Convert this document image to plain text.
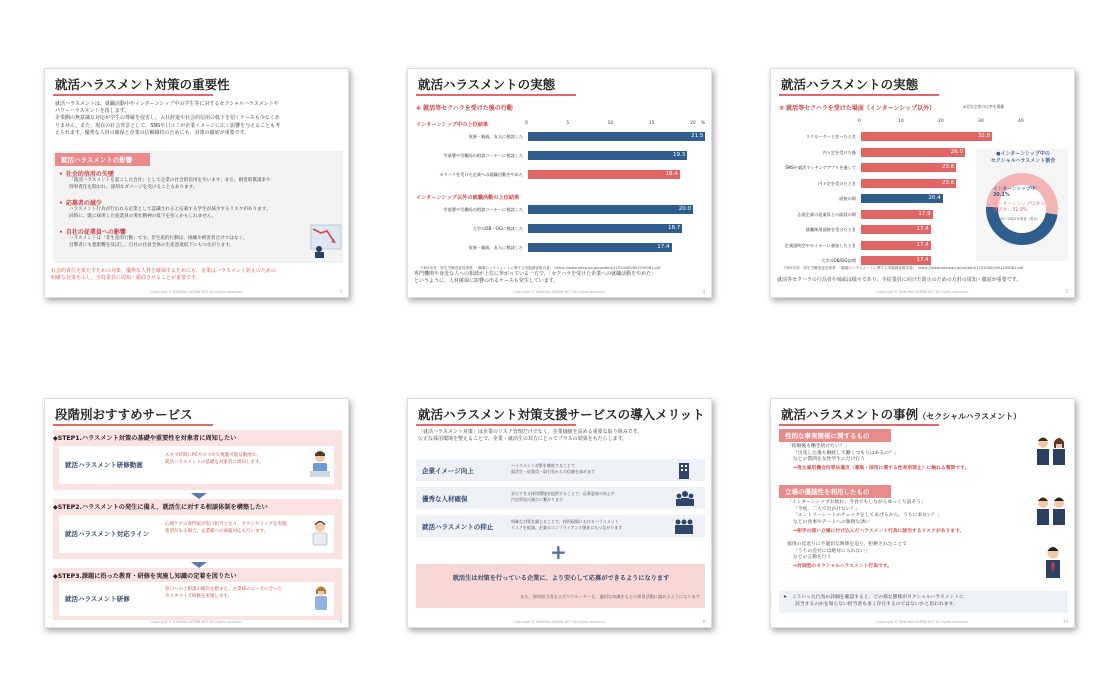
就活ハラスメント対策の重要性
就活ハラスメントは、就職活動中やインターンシップ中の学生等に対するセクシャルハラスメントや
パワーハラスメントを指します。
企業側の無意識な対応が学生の尊厳を侵害し、入社辞退や社会的信用の低下を招くケースも少なくあ
りません。また、現在の社会背景として、SNSや口コミが企業イメージに広く影響を与えることも考
えられます。優秀な人材の確保と企業の信頼維持のためにも、対策の徹底が重要です。
就活ハラスメントの影響
• 社会的信用の失墜
「就活ハラスメントを起こした会社」として企業の社会的信用を失います。また、損害賠償請求や
刑事責任を問われ、深刻なダメージを受けることもあります。
• 応募者の減少
ハラスメント行為が行われる企業として認識されると応募する学生が減少するリスクがあります。
同時に、既に採用した従業員の愛社精神の低下を招くかもしれません。
• 自社の従業員への影響
ハラスメントは「非生産的行動」です。非生産的行動は、組織や被害者だけではなく、
目撃者にも悪影響を及ぼし、自社の社員全体の生産意欲低下にもつながります。
社会的責任を果たすための対策、優秀な人材を確保するためにも、企業はハラスメント防止のための
明確な対策を示し、全従業員に周知・徹底させることが重要です。
Copyright © RAKUNA-ADMIN NET All rights reserved.	3
就活ハラスメントの実態
④ 就活等セクハラを受けた後の行動
0	5	10	15	20 %
インターンシップ中の上位結果
インターンシップ以外の就職活動の上位結果
家族・親戚、友人に相談した	21.5
労基署や労働局の相談コーナーに相談した	19.3
セクハラを受けた企業への就職活動をやめた	18.4
労基署や労働局の相談コーナーに相談した	20.0
大学のOB・OGに相談した	18.7
家族・親戚、友人に相談した	17.4
令和5年度　厚生労働省委託事業　「職場のハラスメントに関する実態調査報告書」　https://www.mhlw.go.jp/content/11910000/001259081.pdf
専門機関や身近な人への相談が上位に挙がっている一方で、「セクハラを受けた企業への就職活動をやめた」
というように、人材確保に影響の出るケースも発生しています。
Copyright © RAKUNA-ADMIN NET All rights reserved.	4
就活ハラスメントの実態
③ 就活等セクハラを受けた場面（インターンシップ以外）	※男女全体の比率を掲載
0	10	20	30	40
リクルーターと会ったとき	32.8
内々定を受けた後	26.0
SNSや就活マッチングアプリを通して	23.8
内々定を受けたとき	23.8
面接の場	20.4
志望企業の従業員との面談の場	17.9
就職採用面接を受けたとき	17.4
企業説明会やセミナーに参加したとき	17.4
大学のOB/OG訪問	17.4
●インターンシップ中の
セクシャルハラスメント割合
インターンシップ中：
30.1%
インターンシップ以外の
就活中：31.9%
※2020〜2022卒業者（男女）
令和5年度　厚生労働省委託事業　「職場のハラスメントに関する実態調査報告書」　https://www.mhlw.go.jp/content/11910000/001259081.pdf
就活等セクハラの行為者や場面は様々であり、全従業員に向けた防止のための方針の周知・徹底が重要です。
Copyright © RAKUNA-ADMIN NET All rights reserved.	5
段階別おすすめサービス
◆STEP1.ハラスメント対策の基礎や重要性を対象者に周知したい
就活ハラスメント研修動画
スキマ時間にPCやスマホで視聴可能な動画で、
就活ハラスメントの基礎を対象者に周知します。
◆STEP2.ハラスメントの発生に備え、就活生に対する相談体制を構築したい
就活ハラスメント対応ライン
心理ケアの専門家が窓口担当となり、カウンセリングを実施。
希望がある場合、企業様への通報対応も行います。
◆STEP3.課題に沿った教育・研修を実施し知識の定着を図りたい
就活ハラスメント研修
窓口へのご相談の傾向を踏まえ、企業様のニーズに合った
カスタマイズ研修を実施します。
Copyright © RAKUNA-ADMIN NET All rights reserved.	6
就活ハラスメント対策支援サービスの導入メリット
「就活ハラスメント対策」は企業のリスク管理だけでなく、企業価値を高める重要な取り組みです。
公正な採用環境を整えることで、企業・就活生の双方にとってプラスの効果をもたらします。
企業イメージ向上
ハラスメント対策を徹底することで
就活生・従業員・取引先からの信頼を高めます
優秀な人材確保
安心できる採用環境を提供することで、応募意欲の向上や
内定辞退の減少に繋がります
就活ハラスメントの抑止
明確な対策を講じることで、採用現場におけるハラスメント
リスクを低減、企業のコンプライアンス強化にもつながります
+
就活生は対策を行っている企業に、より安心して応募ができるようになります
また、採用担当者およびリクルーターも、適切な知識をもとに採用活動に臨めるようになります
Copyright © RAKUNA-ADMIN NET All rights reserved.	8
就活ハラスメントの事例（セクシャルハラスメント）
性的な事実関係に関するもの
「結婚後も働き続けたい？」
「出産した後も継続して働くつもりはあるの？」
などの質問を女性学生にだけ行う
⇒男女雇用機会均等法違反（募集・採用に関する性差別禁止）に触れる質問です。
立場の優越性を利用したもの
「インターンシップお疲れ。今食でもしながらゆっくり話そう」
「今度、二人で出かけない？」
「エントリーシートのチェックをしてあげるから、うちに来ない？」
などの食事やデートへの執拗な誘い
⇒相手の弱い立場に付け込んだハラスメント行為に該当するリスクがあります。
採用の見返りに不適切な関係を迫り、拒絶されたことで
「うちの会社には絶対に入れない」
などの言動を行う
⇒対価型のセクシャルハラスメント行為です。
➤　こういった行為の詳細を確認すると、どの様な態様がセクシャルハラスメントに
該当するのかを知らない担当者も多く存在するのではないかと思われます。
Copyright © RAKUNA-ADMIN NET All rights reserved.	14
